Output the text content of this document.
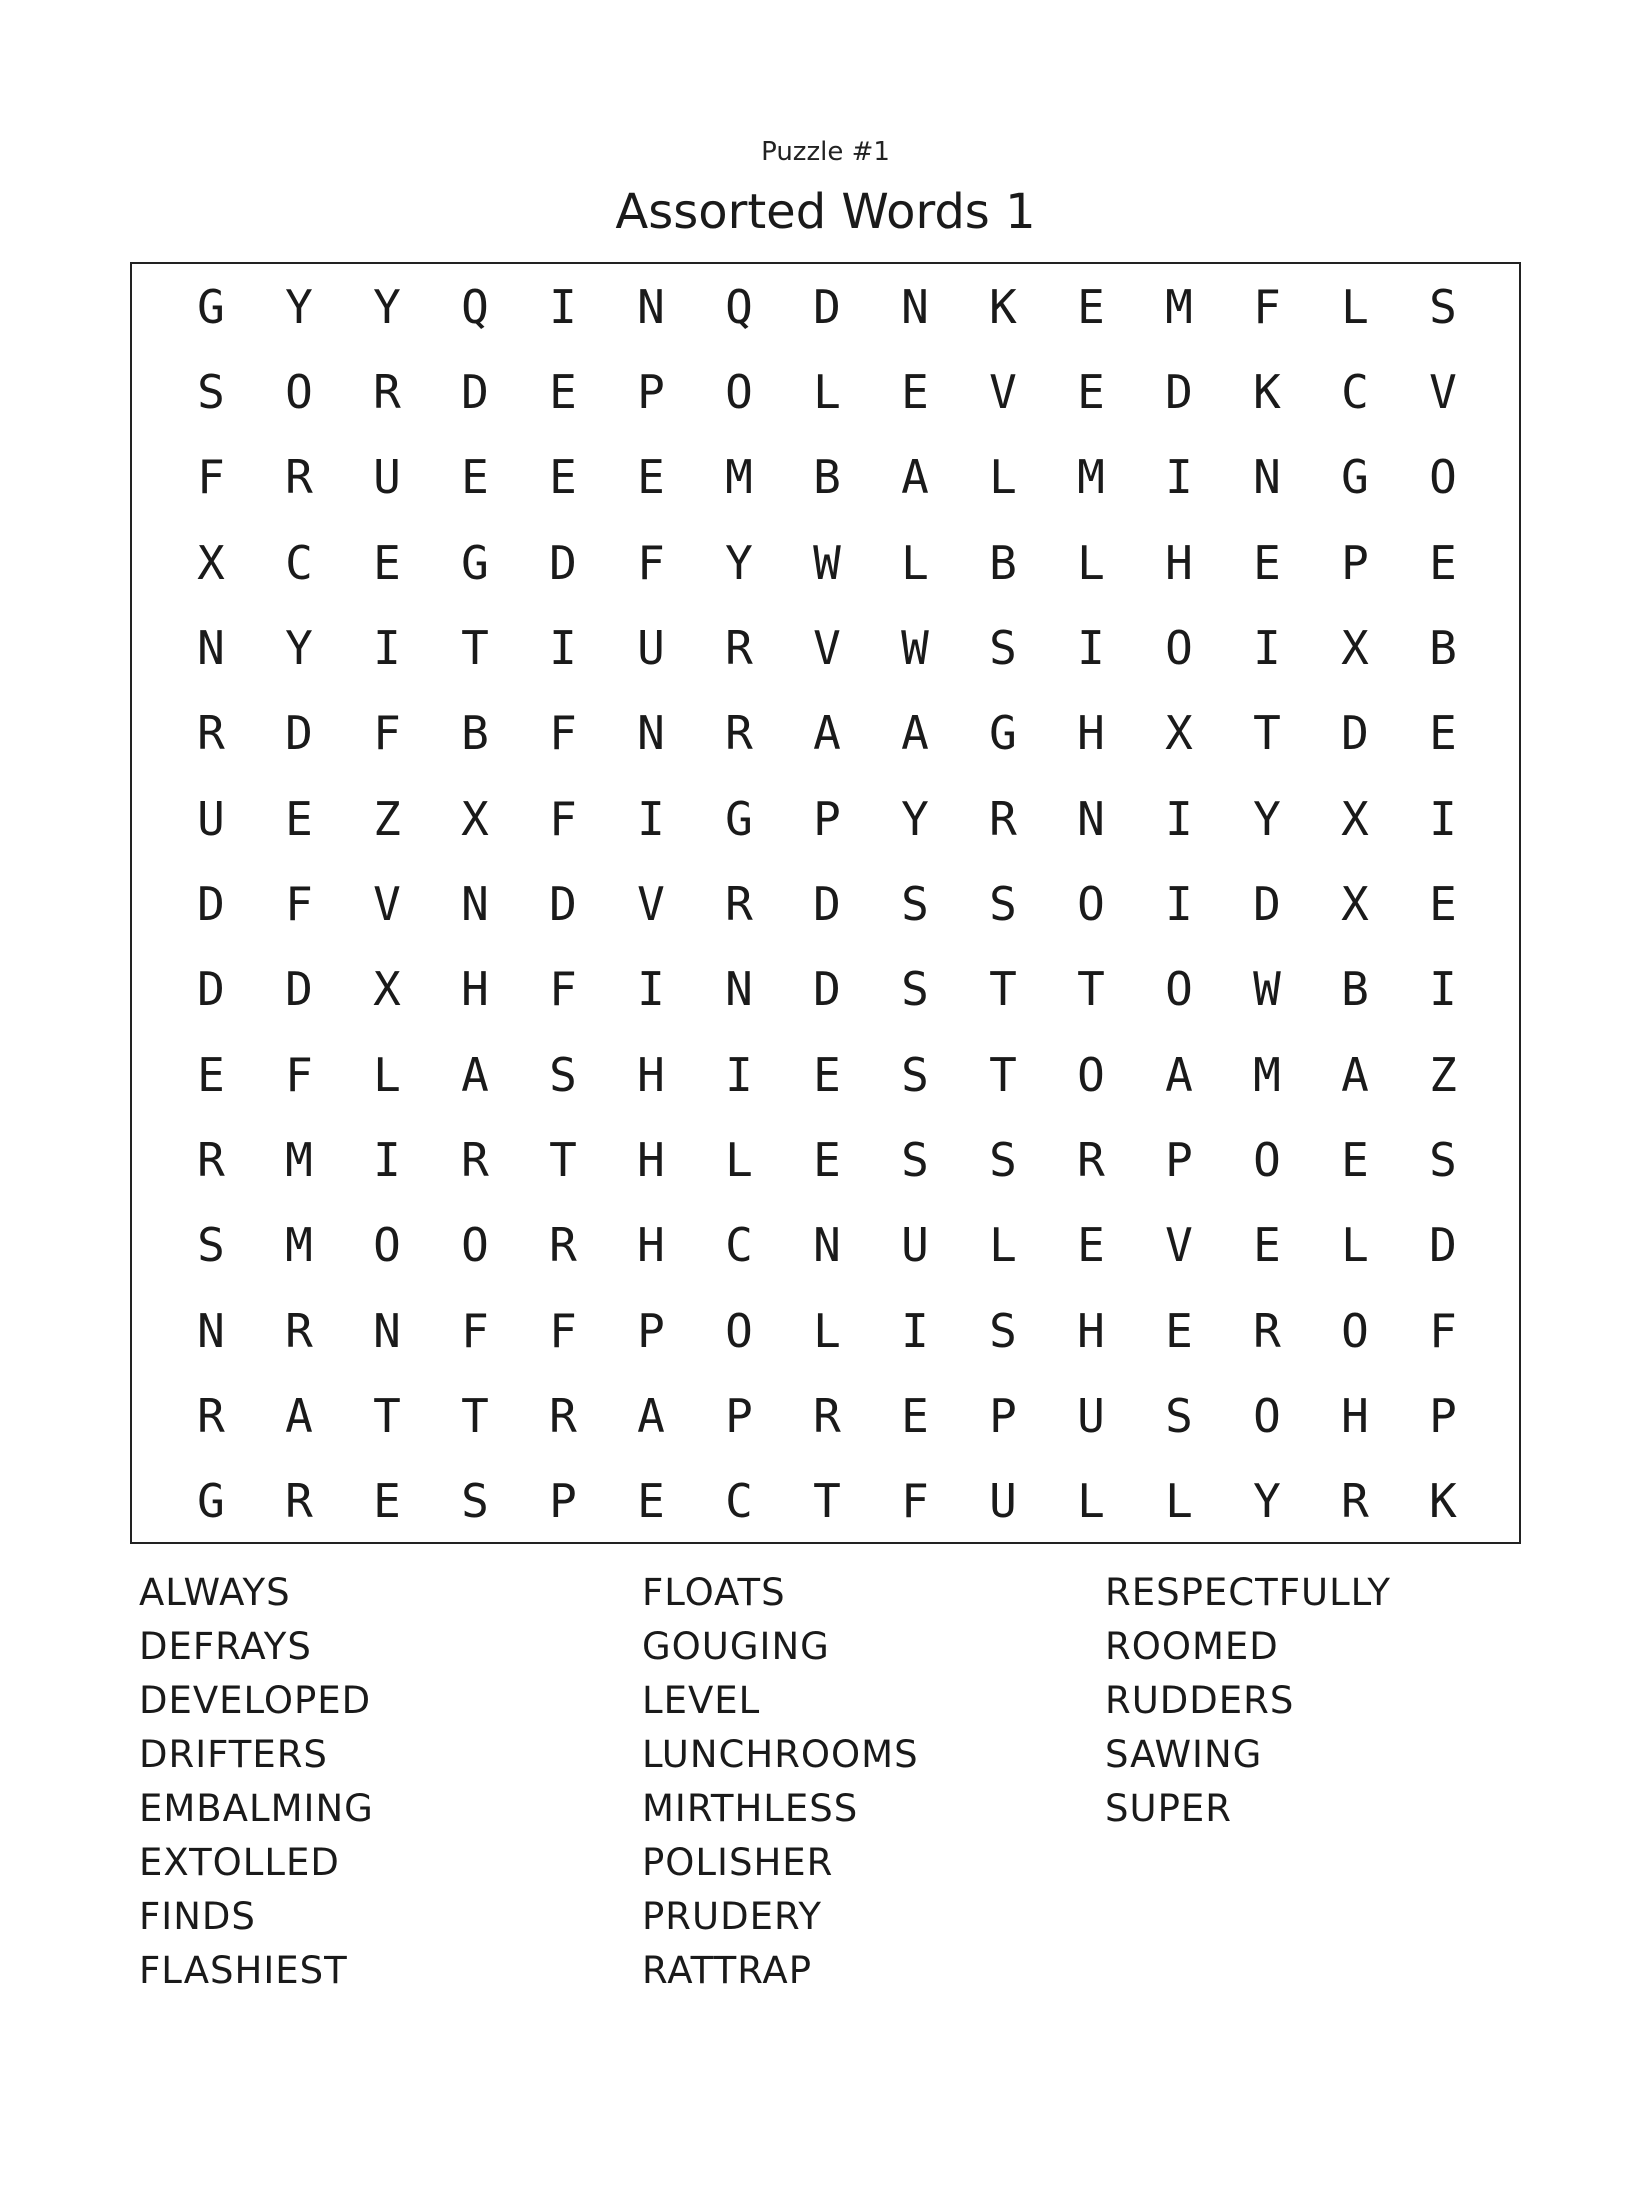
Puzzle #1
Assorted Words 1
G	Y	Y	Q	I	N	Q	D	N	K	E	M	F	L	S
S	O	R	D	E	P	O	L	E	V	E	D	K	C	V
F	R	U	E	E	E	M	B	A	L	M	I	N	G	O
X	C	E	G	D	F	Y	W	L	B	L	H	E	P	E
N	Y	I	T	I	U	R	V	W	S	I	O	I	X	B
R	D	F	B	F	N	R	A	A	G	H	X	T	D	E
U	E	Z	X	F	I	G	P	Y	R	N	I	Y	X	I
D	F	V	N	D	V	R	D	S	S	O	I	D	X	E
D	D	X	H	F	I	N	D	S	T	T	O	W	B	I
E	F	L	A	S	H	I	E	S	T	O	A	M	A	Z
R	M	I	R	T	H	L	E	S	S	R	P	O	E	S
S	M	O	O	R	H	C	N	U	L	E	V	E	L	D
N	R	N	F	F	P	O	L	I	S	H	E	R	O	F
R	A	T	T	R	A	P	R	E	P	U	S	O	H	P
G	R	E	S	P	E	C	T	F	U	L	L	Y	R	K
ALWAYS
DEFRAYS
DEVELOPED
DRIFTERS
EMBALMING
EXTOLLED
FINDS
FLASHIEST
FLOATS
GOUGING
LEVEL
LUNCHROOMS
MIRTHLESS
POLISHER
PRUDERY
RATTRAP
RESPECTFULLY
ROOMED
RUDDERS
SAWING
SUPER
